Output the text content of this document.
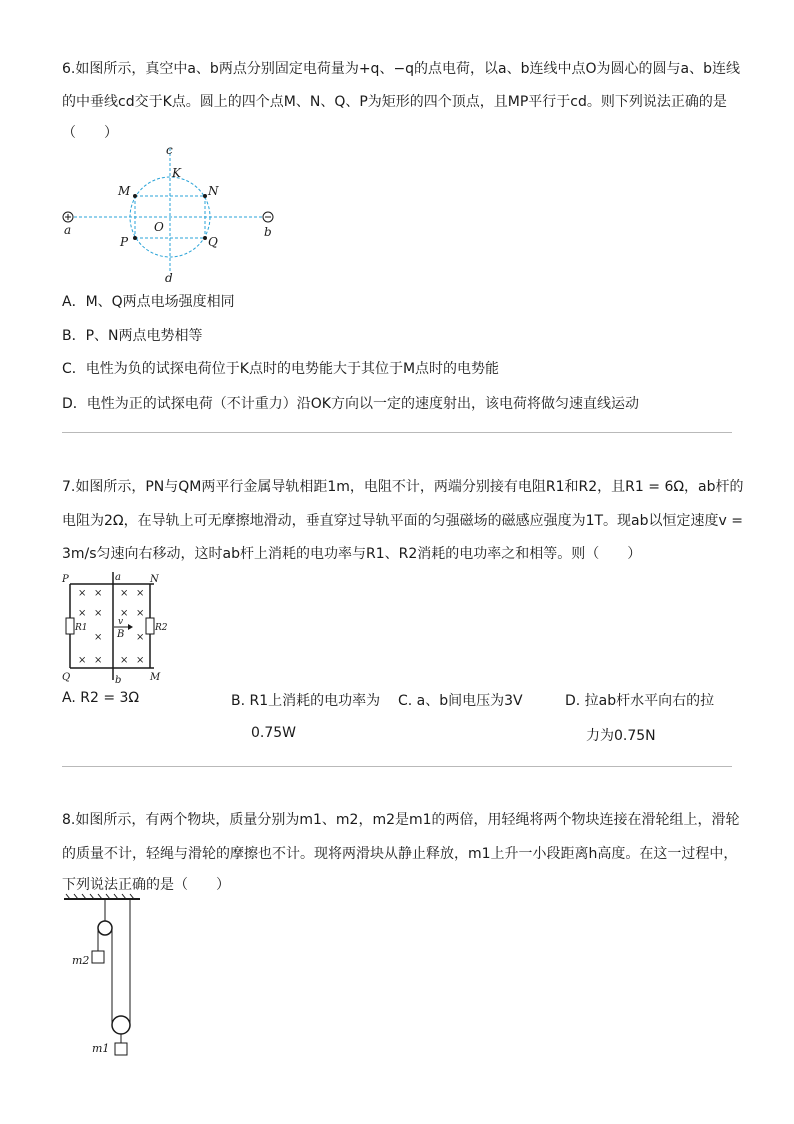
6.如图所示，真空中a、b两点分别固定电荷量为+q、−q的点电荷，以a、b连线中点O为圆心的圆与a、b连线
的中垂线cd交于K点。圆上的四个点M、N、Q、P为矩形的四个顶点，且MP平行于cd。则下列说法正确的是
（　　）
c
K
M	N
O
P	Q
a	b
d
A．M、Q两点电场强度相同
B．P、N两点电势相等
C．电性为负的试探电荷位于K点时的电势能大于其位于M点时的电势能
D．电性为正的试探电荷（不计重力）沿OK方向以一定的速度射出，该电荷将做匀速直线运动
7.如图所示，PN与QM两平行金属导轨相距1m，电阻不计，两端分别接有电阻R1和R2，且R1 = 6Ω，ab杆的
电阻为2Ω，在导轨上可无摩擦地滑动，垂直穿过导轨平面的匀强磁场的磁感应强度为1T。现ab以恒定速度v =
3m/s匀速向右移动，这时ab杆上消耗的电功率与R1、R2消耗的电功率之和相等。则（　　）
× × × ×
× × × ×
×	×
× × × ×
P	a	N
R1	R2
v
B
Q	b	M
A. R2 = 3Ω	B. R1上消耗的电功率为
0.75W
C. a、b间电压为3V	D. 拉ab杆水平向右的拉
力为0.75N
8.如图所示，有两个物块，质量分别为m1、m2，m2是m1的两倍，用轻绳将两个物块连接在滑轮组上，滑轮
的质量不计，轻绳与滑轮的摩擦也不计。现将两滑块从静止释放，m1上升一小段距离h高度。在这一过程中，
下列说法正确的是（　　）
m2
m1
